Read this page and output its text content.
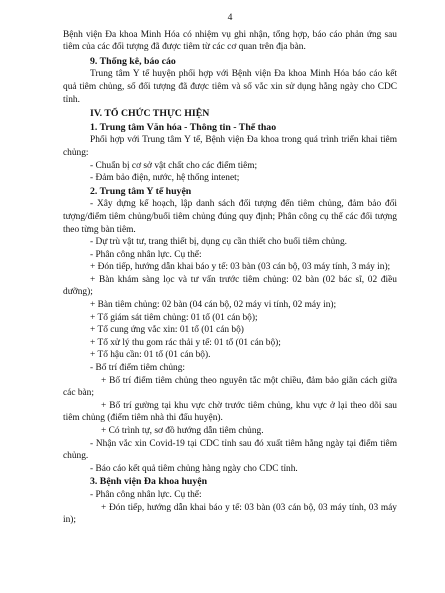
4

Bệnh viện Đa khoa Minh Hóa có nhiệm vụ ghi nhận, tổng hợp, báo cáo phản ứng sau tiêm của các đối tượng đã được tiêm từ các cơ quan trên địa bàn.

9. Thống kê, báo cáo

Trung tâm Y tế huyện phối hợp với Bệnh viện Đa khoa Minh Hóa báo cáo kết quả tiêm chủng, số đối tượng đã được tiêm và số vắc xin sử dụng hằng ngày cho CDC tỉnh.

IV. TỔ CHỨC THỰC HIỆN

1. Trung tâm Văn hóa - Thông tin - Thể thao

Phối hợp với Trung tâm Y tế, Bệnh viện Đa khoa trong quá trình triển khai tiêm chủng:

- Chuẩn bị cơ sở vật chất cho các điểm tiêm;

- Đảm bảo điện, nước, hệ thống intenet;

2. Trung tâm Y tế huyện

- Xây dựng kế hoạch, lập danh sách đối tượng đến tiêm chủng, đảm bảo đối tượng/điểm tiêm chủng/buổi tiêm chủng đúng quy định; Phân công cụ thể các đối tượng theo từng bàn tiêm.

- Dự trù vật tư, trang thiết bị, dụng cụ cần thiết cho buổi tiêm chủng.

- Phân công nhân lực. Cụ thể:

+ Đón tiếp, hướng dẫn khai báo y tế: 03 bàn (03 cán bộ, 03 máy tính, 3 máy in);

+ Bàn khám sàng lọc và tư vấn trước tiêm chủng: 02 bàn (02 bác sĩ, 02 điều dưỡng);

+ Bàn tiêm chủng: 02 bàn (04 cán bộ, 02 máy vi tính, 02 máy in);

+ Tổ giám sát tiêm chủng: 01 tổ (01 cán bộ);

+ Tổ cung ứng vắc xin: 01 tổ (01 cán bộ)

+ Tổ xử lý thu gom rác thải y tế: 01 tổ (01 cán bộ);

+ Tổ hậu cần: 01 tổ (01 cán bộ).

- Bố trí điểm tiêm chủng:

+ Bố trí điểm tiêm chủng theo nguyên tắc một chiều, đảm bảo giãn cách giữa các bàn;

+ Bố trí gường tại khu vực chờ trước tiêm chủng, khu vực ở lại theo dõi sau tiêm chủng (điểm tiêm nhà thi đấu huyện).

+ Có trình tự, sơ đồ hướng dẫn tiêm chủng.

- Nhận vắc xin Covid-19 tại CDC tỉnh sau đó xuất tiêm hằng ngày tại điểm tiêm chủng.

- Báo cáo kết quả tiêm chủng hàng ngày cho CDC tỉnh.

3. Bệnh viện Đa khoa huyện

- Phân công nhân lực. Cụ thể:

+ Đón tiếp, hướng dẫn khai báo y tế: 03 bàn (03 cán bộ, 03 máy tính, 03 máy in);
